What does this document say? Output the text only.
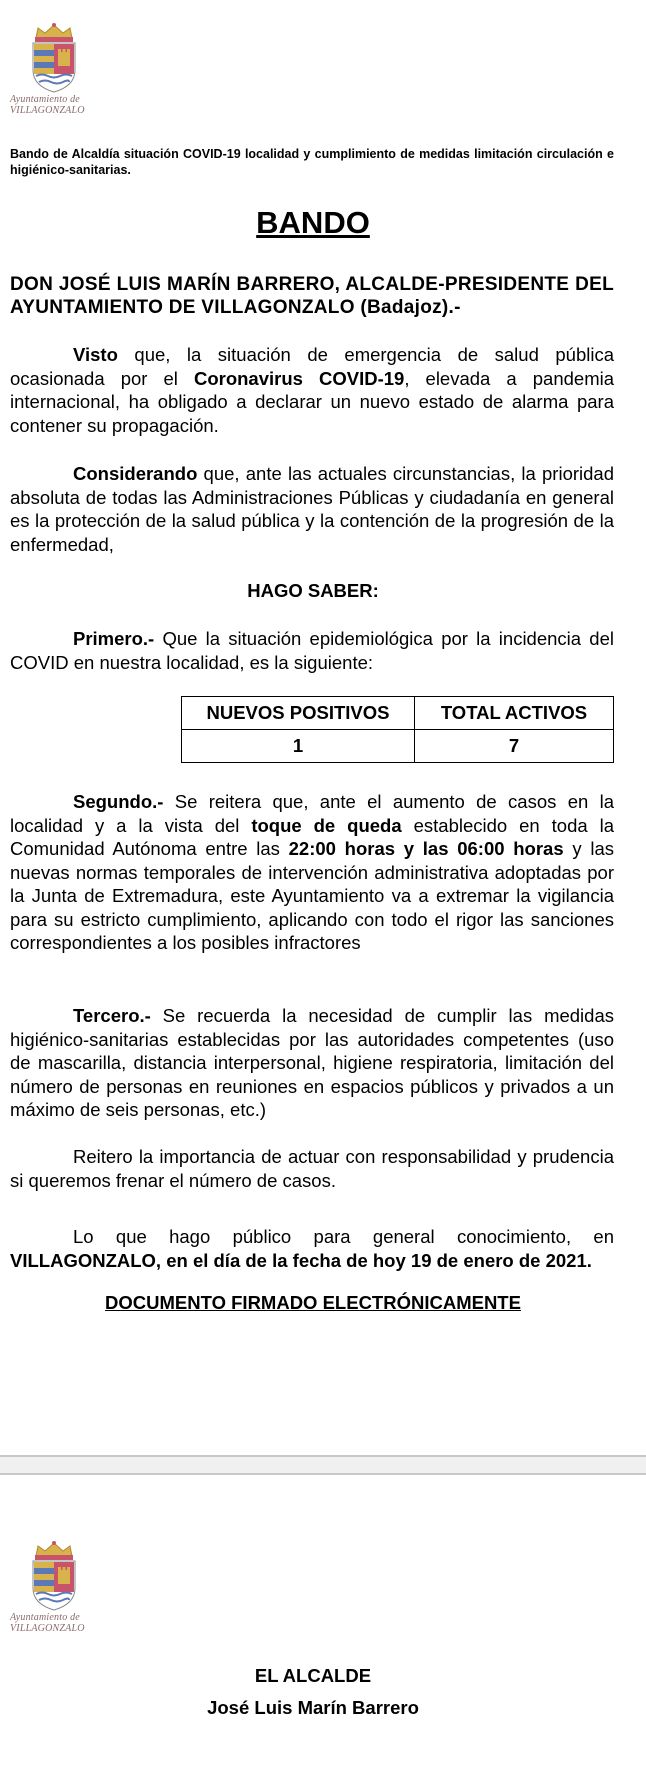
Ayuntamiento de
VILLAGONZALO
Bando de Alcaldía situación COVID-19 localidad y cumplimiento de medidas limitación circulación e higiénico-sanitarias.
BANDO
DON JOSÉ LUIS MARÍN BARRERO, ALCALDE-PRESIDENTE DEL AYUNTAMIENTO DE VILLAGONZALO (Badajoz).-
Visto que, la situación de emergencia de salud pública ocasionada por el Coronavirus COVID-19, elevada a pandemia internacional, ha obligado a declarar un nuevo estado de alarma para contener su propagación.
Considerando que, ante las actuales circunstancias, la prioridad absoluta de todas las Administraciones Públicas y ciudadanía en general es la protección de la salud pública y la contención de la progresión de la enfermedad,
HAGO SABER:
Primero.- Que la situación epidemiológica por la incidencia del COVID en nuestra localidad, es la siguiente:
NUEVOS POSITIVOS	TOTAL ACTIVOS
1	7
Segundo.- Se reitera que, ante el aumento de casos en la localidad y a la vista del toque de queda establecido en toda la Comunidad Autónoma entre las 22:00 horas y las 06:00 horas y las nuevas normas temporales de intervención administrativa adoptadas por la Junta de Extremadura, este Ayuntamiento va a extremar la vigilancia para su estricto cumplimiento, aplicando con todo el rigor las sanciones correspondientes a los posibles infractores
Tercero.- Se recuerda la necesidad de cumplir las medidas higiénico-sanitarias establecidas por las autoridades competentes (uso de mascarilla, distancia interpersonal, higiene respiratoria, limitación del número de personas en reuniones en espacios públicos y privados a un máximo de seis personas, etc.)
Reitero la importancia de actuar con responsabilidad y prudencia si queremos frenar el número de casos.
Lo que hago público para general conocimiento, en VILLAGONZALO, en el día de la fecha de hoy 19 de enero de 2021.
DOCUMENTO FIRMADO ELECTRÓNICAMENTE
Ayuntamiento de
VILLAGONZALO
EL ALCALDE
José Luis Marín Barrero
